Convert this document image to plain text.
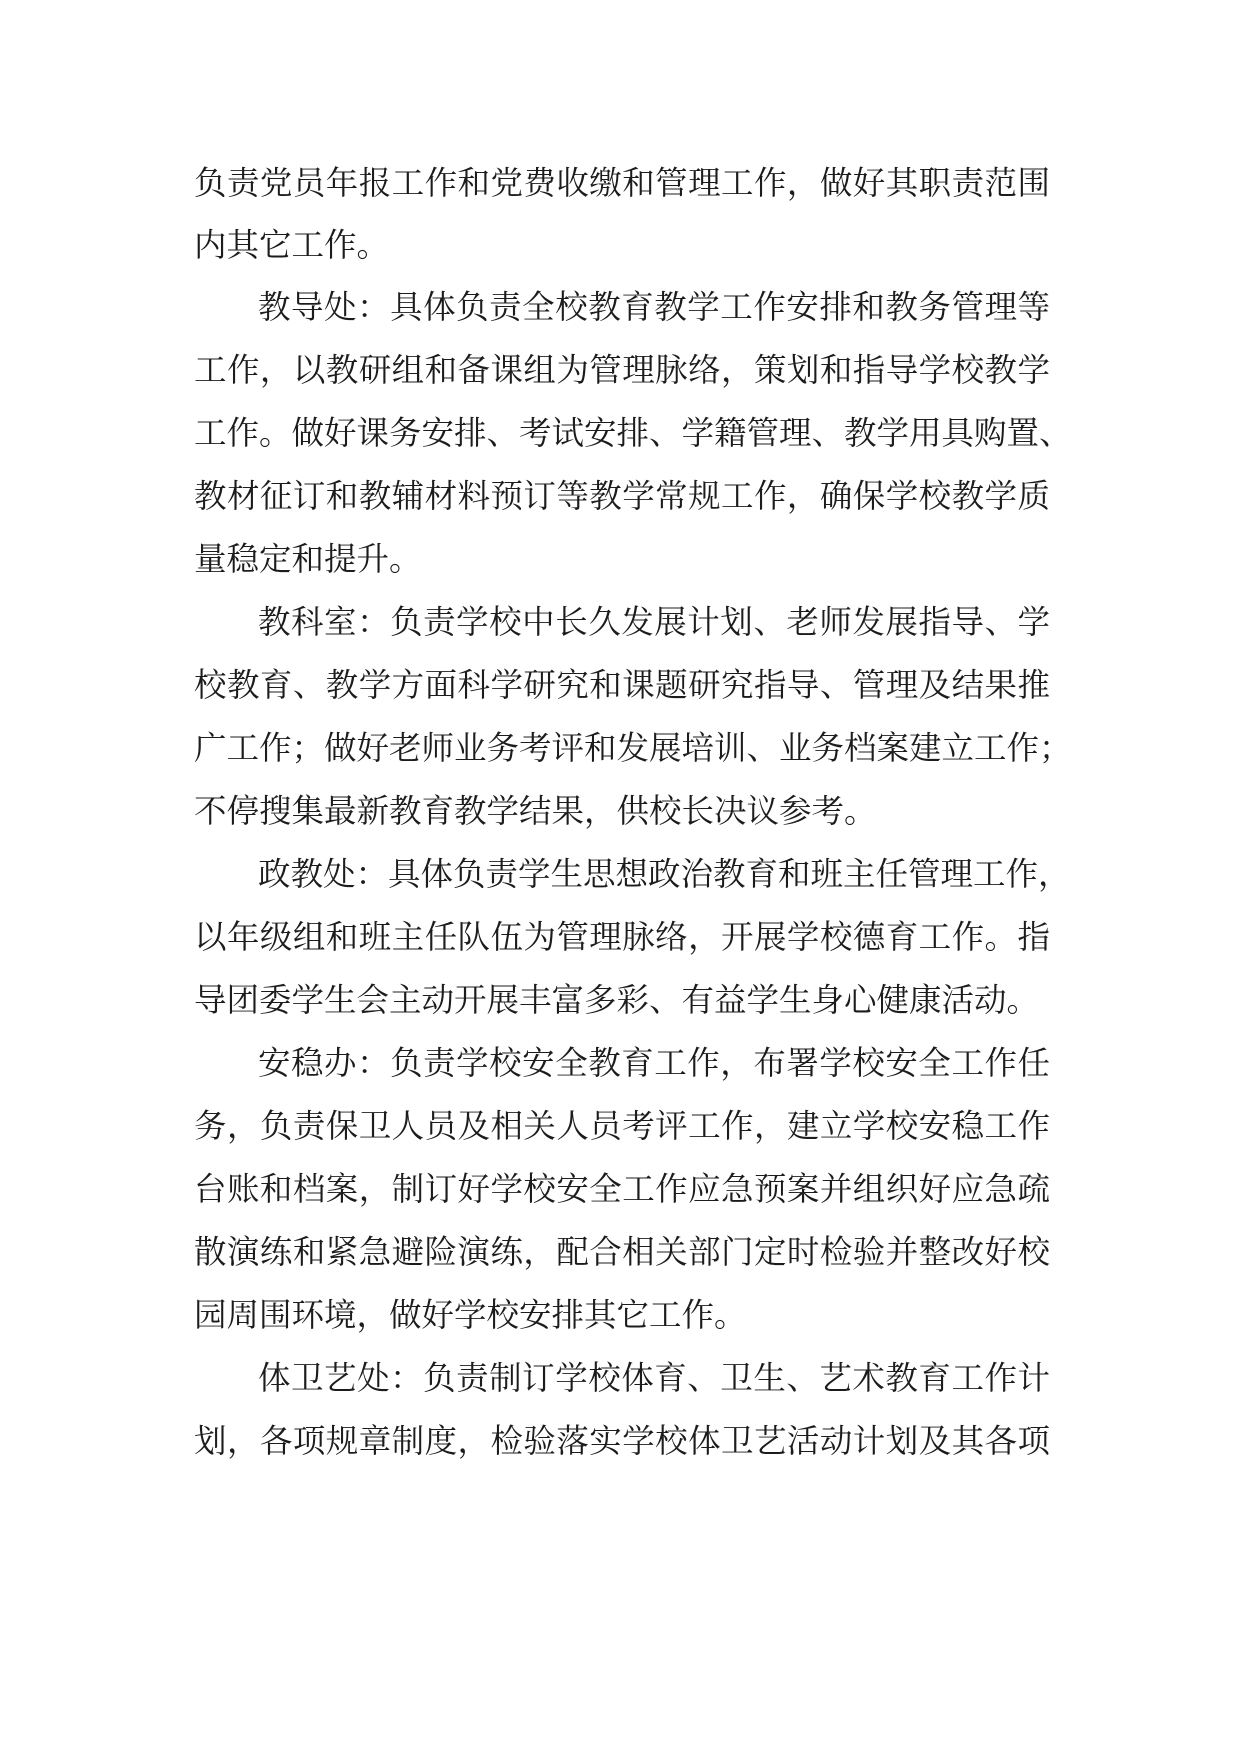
负责党员年报工作和党费收缴和管理工作，做好其职责范围
内其它工作。
教导处：具体负责全校教育教学工作安排和教务管理等
工作，以教研组和备课组为管理脉络，策划和指导学校教学
工作。做好课务安排、考试安排、学籍管理、教学用具购置、
教材征订和教辅材料预订等教学常规工作，确保学校教学质
量稳定和提升。
教科室：负责学校中长久发展计划、老师发展指导、学
校教育、教学方面科学研究和课题研究指导、管理及结果推
广工作；做好老师业务考评和发展培训、业务档案建立工作；
不停搜集最新教育教学结果，供校长决议参考。
政教处：具体负责学生思想政治教育和班主任管理工作，
以年级组和班主任队伍为管理脉络，开展学校德育工作。指
导团委学生会主动开展丰富多彩、有益学生身心健康活动。
安稳办：负责学校安全教育工作，布署学校安全工作任
务，负责保卫人员及相关人员考评工作，建立学校安稳工作
台账和档案，制订好学校安全工作应急预案并组织好应急疏
散演练和紧急避险演练，配合相关部门定时检验并整改好校
园周围环境，做好学校安排其它工作。
体卫艺处：负责制订学校体育、卫生、艺术教育工作计
划，各项规章制度，检验落实学校体卫艺活动计划及其各项
